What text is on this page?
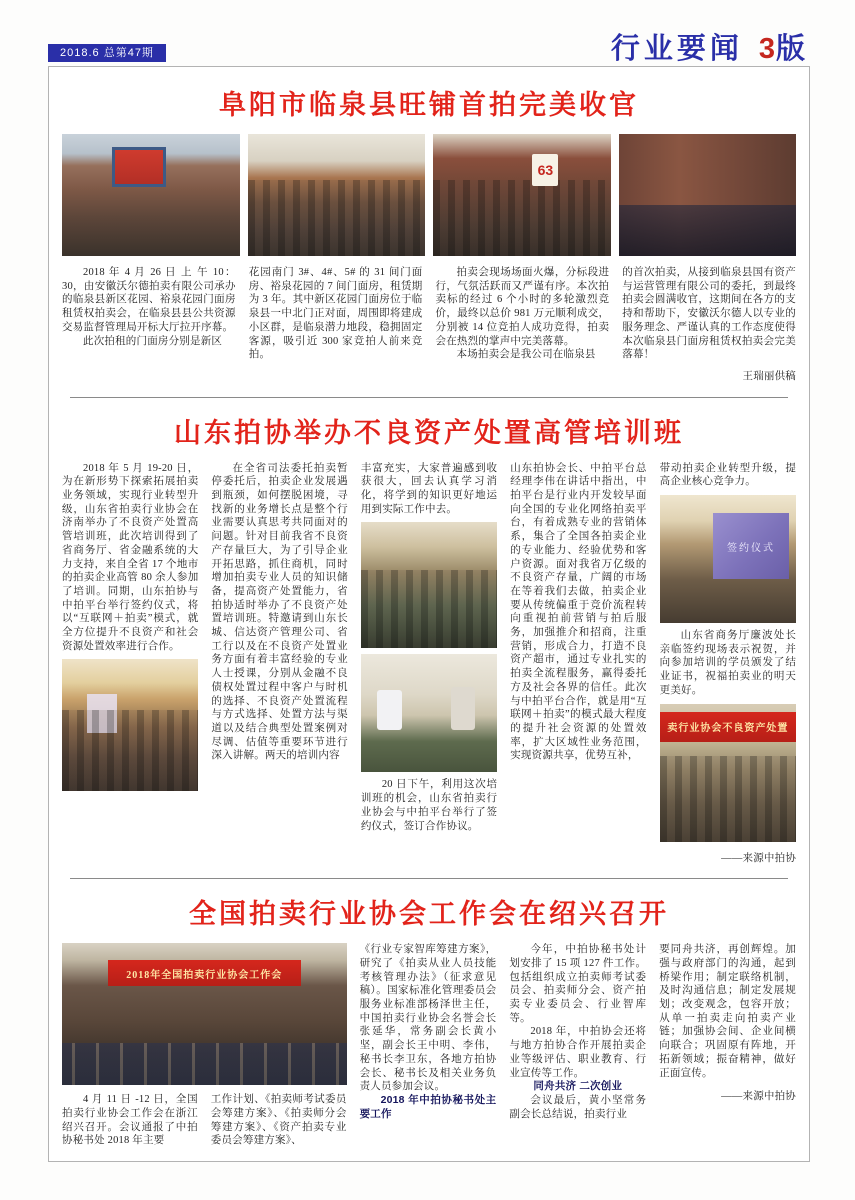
2018.6 总第47期	行业要闻 3版
阜阳市临泉县旺铺首拍完美收官
63

2018 年 4 月 26 日 上 午 10：30，由安徽沃尔德拍卖有限公司承办的临泉县新区花园、裕泉花园门面房租赁权拍卖会，在临泉县县公共资源交易监督管理局开标大厅拉开序幕。

此次拍租的门面房分别是新区

花园南门 3#、4#、5# 的 31 间门面房、裕泉花园的 7 间门面房，租赁期为 3 年。其中新区花园门面房位于临泉县一中北门正对面，周围即将建成小区群，是临泉潜力地段，稳拥固定客源，吸引近 300 家竞拍人前来竞拍。

拍卖会现场场面火爆，分标段进行，气氛活跃而又严谨有序。本次拍卖标的经过 6 个小时的多轮激烈竞价，最终以总价 981 万元顺利成交，分别被 14 位竞拍人成功竞得，拍卖会在热烈的掌声中完美落幕。

本场拍卖会是我公司在临泉县

的首次拍卖，从接到临泉县国有资产与运营管理有限公司的委托，到最终拍卖会圆满收官，这期间在各方的支持和帮助下，安徽沃尔德人以专业的服务理念、严谨认真的工作态度使得本次临泉县门面房租赁权拍卖会完美落幕！

王瑞丽供稿

山东拍协举办不良资产处置高管培训班

2018 年 5 月 19-20 日，为在新形势下探索拓展拍卖业务领域，实现行业转型升级，山东省拍卖行业协会在济南举办了不良资产处置高管培训班，此次培训得到了省商务厅、省金融系统的大力支持，来自全省 17 个地市的拍卖企业高管 80 余人参加了培训。同期，山东拍协与中拍平台举行签约仪式，将以“互联网＋拍卖”模式，就全方位提升不良资产和社会资源处置效率进行合作。

在全省司法委托拍卖暂停委托后，拍卖企业发展遇到瓶颈，如何摆脱困境，寻找新的业务增长点是整个行业需要认真思考共同面对的问题。针对目前我省不良资产存量巨大，为了引导企业开拓思路，抓住商机，同时增加拍卖专业人员的知识储备，提高资产处置能力，省拍协适时举办了不良资产处置培训班。特邀请到山东长城、信达资产管理公司、省工行以及在不良资产处置业务方面有着丰富经验的专业人士授课，分别从金融不良债权处置过程中客户与时机的选择、不良资产处置流程与方式选择、处置方法与渠道以及结合典型处置案例对尽调、估值等重要环节进行深入讲解。两天的培训内容

丰富充实，大家普遍感到收获很大，回去认真学习消化，将学到的知识更好地运用到实际工作中去。

20 日下午，利用这次培训班的机会，山东省拍卖行业协会与中拍平台举行了签约仪式，签订合作协议。

山东拍协会长、中拍平台总经理李伟在讲话中指出，中拍平台是行业内开发较早面向全国的专业化网络拍卖平台，有着成熟专业的营销体系，集合了全国各拍卖企业的专业能力、经验优势和客户资源。面对我省万亿级的不良资产存量，广阔的市场在等着我们去做，拍卖企业要从传统偏重于竞价流程转向重视拍前营销与拍后服务，加强推介和招商，注重营销，形成合力，打造不良资产超市，通过专业扎实的拍卖全流程服务，赢得委托方及社会各界的信任。此次与中拍平台合作，就是用“互联网＋拍卖”的模式最大程度的提升社会资源的处置效率，扩大区域性业务范围，实现资源共享，优势互补，

带动拍卖企业转型升级，提高企业核心竞争力。

签约仪式

山东省商务厅廉波处长亲临签约现场表示祝贺，并向参加培训的学员颁发了结业证书，祝福拍卖业的明天更美好。

卖行业协会不良资产处置

——来源中拍协

全国拍卖行业协会工作会在绍兴召开
2018年全国拍卖行业协会工作会

4 月 11 日 -12 日，全国拍卖行业协会工作会在浙江绍兴召开。会议通报了中拍协秘书处 2018 年主要

工作计划、《拍卖师考试委员会筹建方案》、《拍卖师分会筹建方案》、《资产拍卖专业委员会筹建方案》、

《行业专家智库筹建方案》，研究了《拍卖从业人员技能考核管理办法》（征求意见稿）。国家标准化管理委员会服务业标准部杨泽世主任，中国拍卖行业协会名誉会长张延华，常务副会长黄小坚，副会长王中明、李伟，秘书长李卫东，各地方拍协会长、秘书长及相关业务负责人员参加会议。

2018 年中拍协秘书处主要工作

今年，中拍协秘书处计划安排了 15 项 127 件工作。包括组织成立拍卖师考试委员会、拍卖师分会、资产拍卖专业委员会、行业智库等。

2018 年，中拍协会还将与地方拍协合作开展拍卖企业等级评估、职业教育、行业宣传等工作。

同舟共济 二次创业

会议最后，黄小坚常务副会长总结说，拍卖行业

要同舟共济，再创辉煌。加强与政府部门的沟通，起到桥梁作用；制定联络机制，及时沟通信息；制定发展规划；改变观念，包容开放；从单一拍卖走向拍卖产业链；加强协会间、企业间横向联合；巩固原有阵地，开拓新领域；振奋精神，做好正面宣传。

——来源中拍协
